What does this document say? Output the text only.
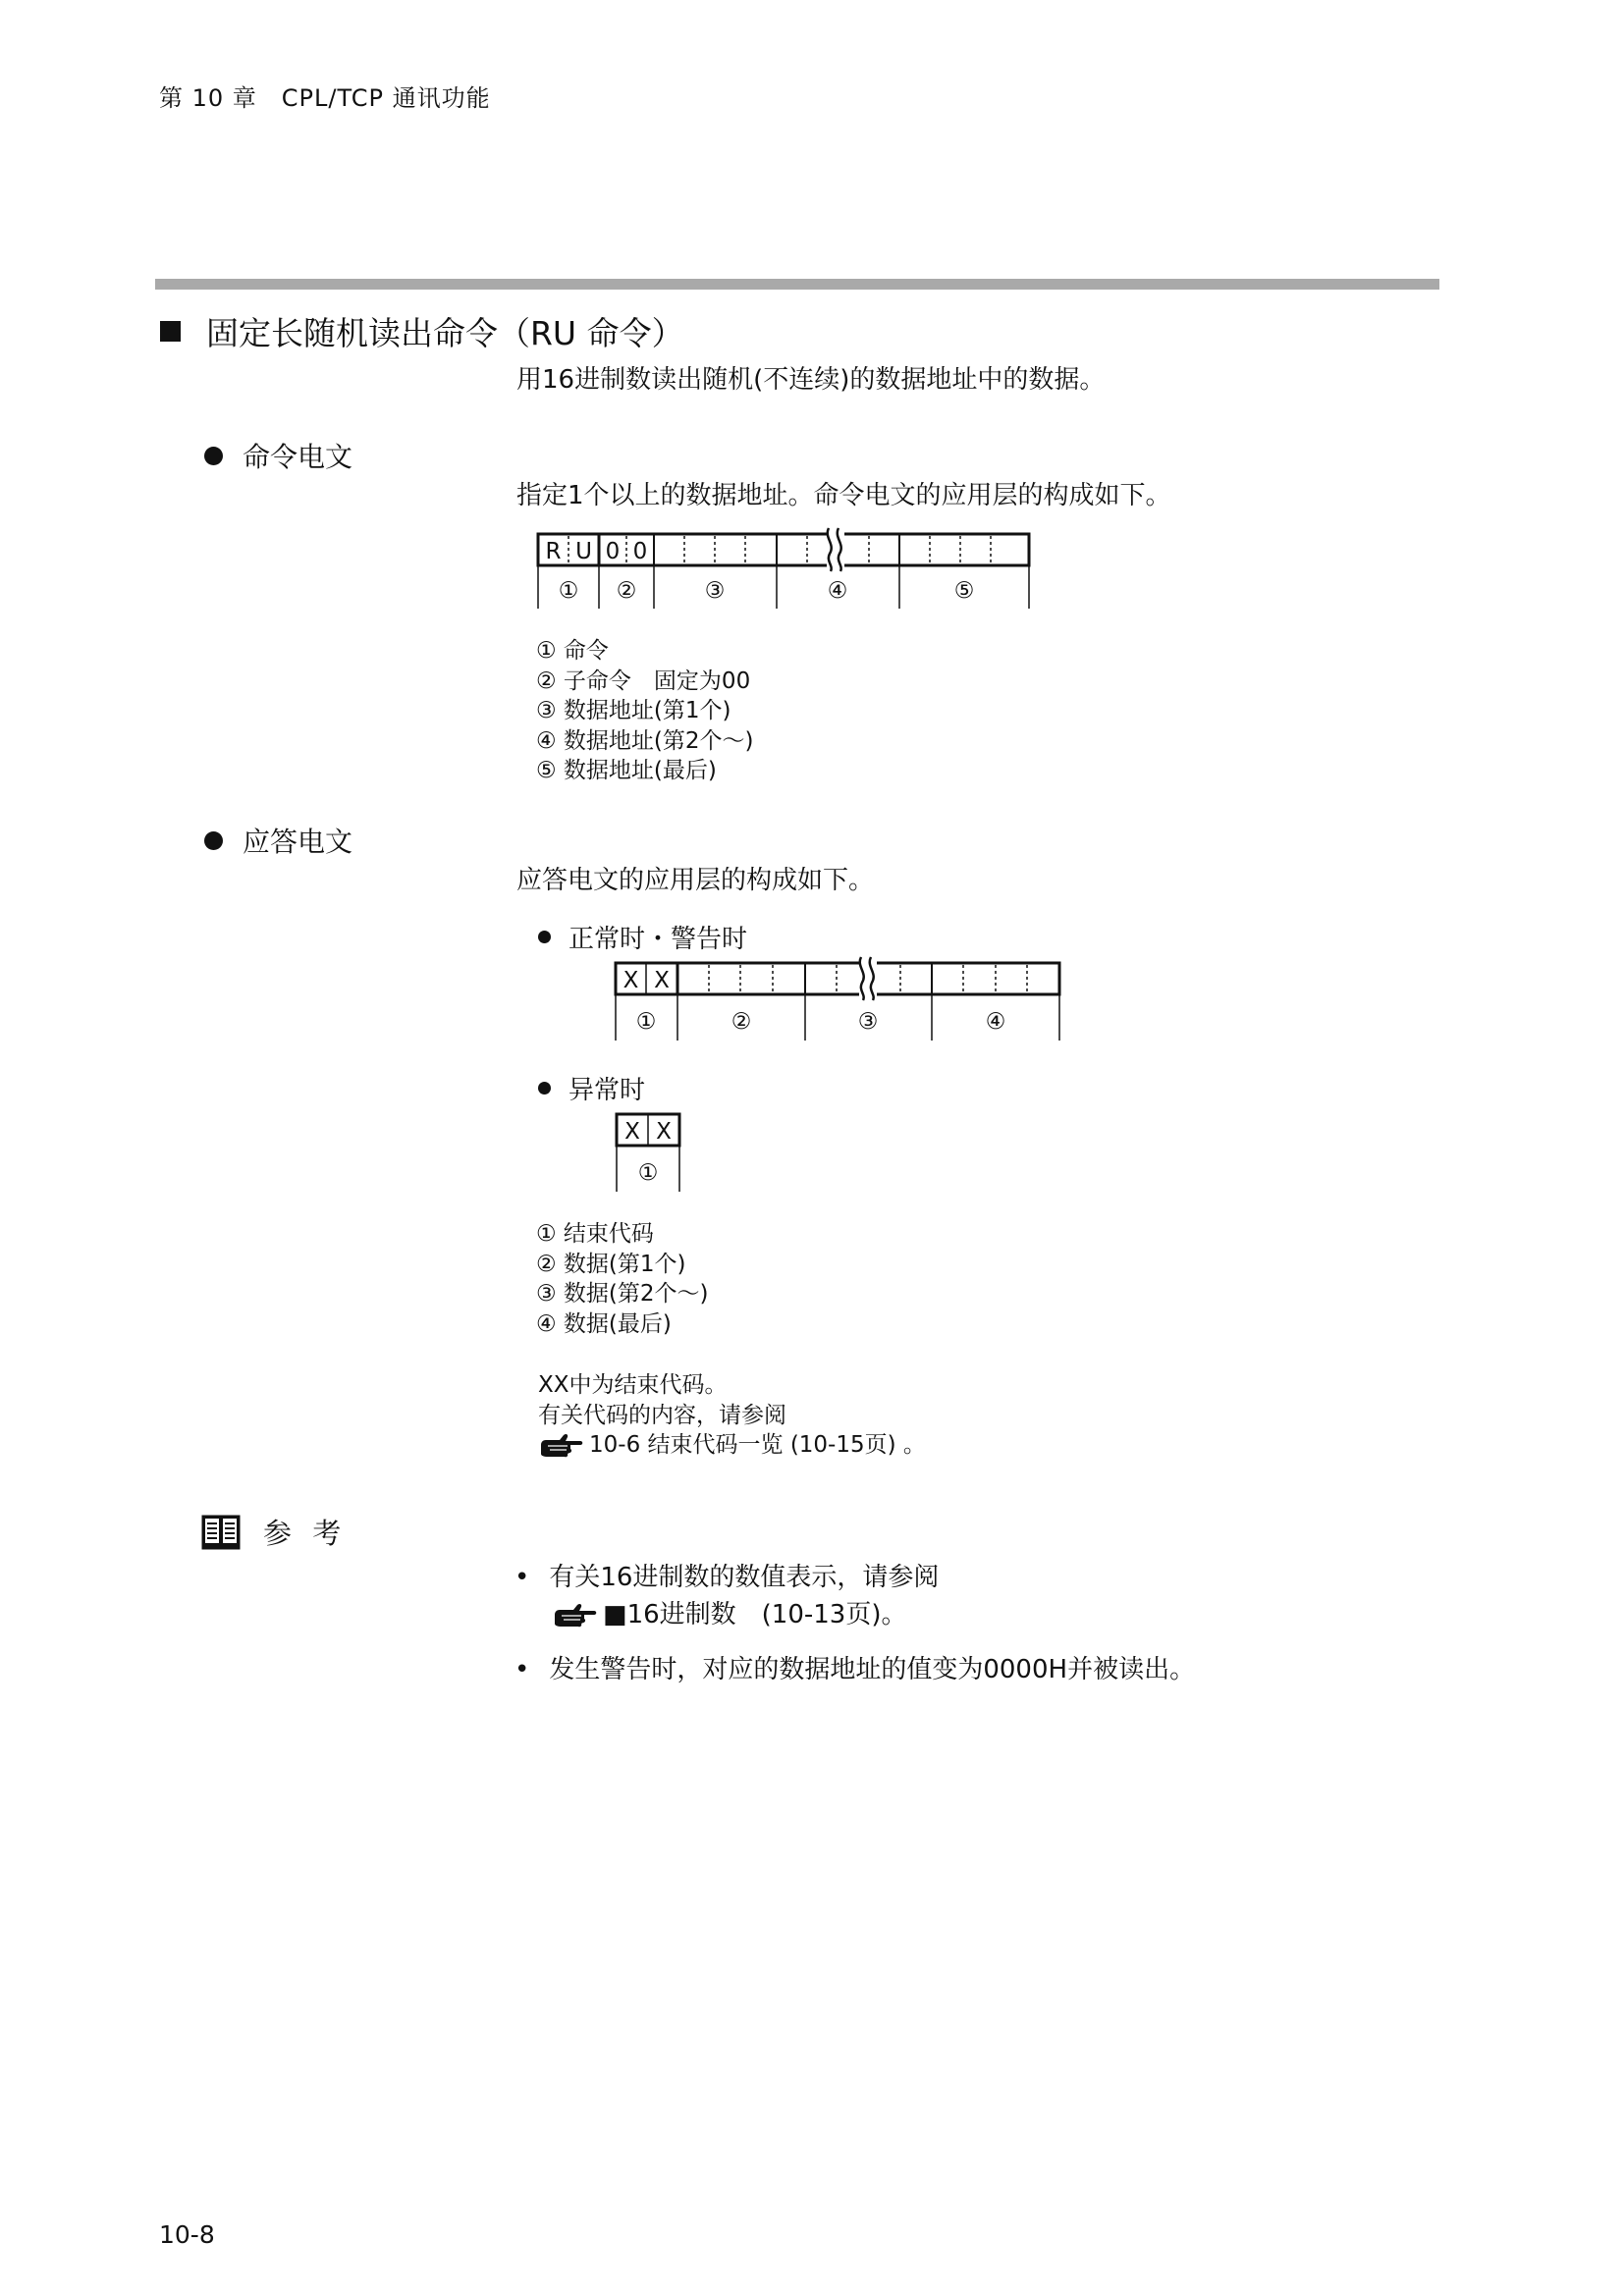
第 10 章　CPL/TCP 通讯功能
固定长随机读出命令（RU 命令）
用16进制数读出随机(不连续)的数据地址中的数据。
命令电文
指定1个以上的数据地址。命令电文的应用层的构成如下。
R U 0 0
① ②	③	④	⑤
① 命令
② 子命令　固定为00
③ 数据地址(第1个)
④ 数据地址(第2个～)
⑤ 数据地址(最后)
应答电文
应答电文的应用层的构成如下。
正常时・警告时
X X
①	②	③	④
异常时
X X
①
① 结束代码
② 数据(第1个)
③ 数据(第2个～)
④ 数据(最后)
XX中为结束代码。
有关代码的内容，请参阅
10-6 结束代码一览 (10-15页) 。
参 考
• 有关16进制数的数值表示，请参阅
■16进制数　(10-13页)。
• 发生警告时，对应的数据地址的值变为0000H并被读出。
10-8
